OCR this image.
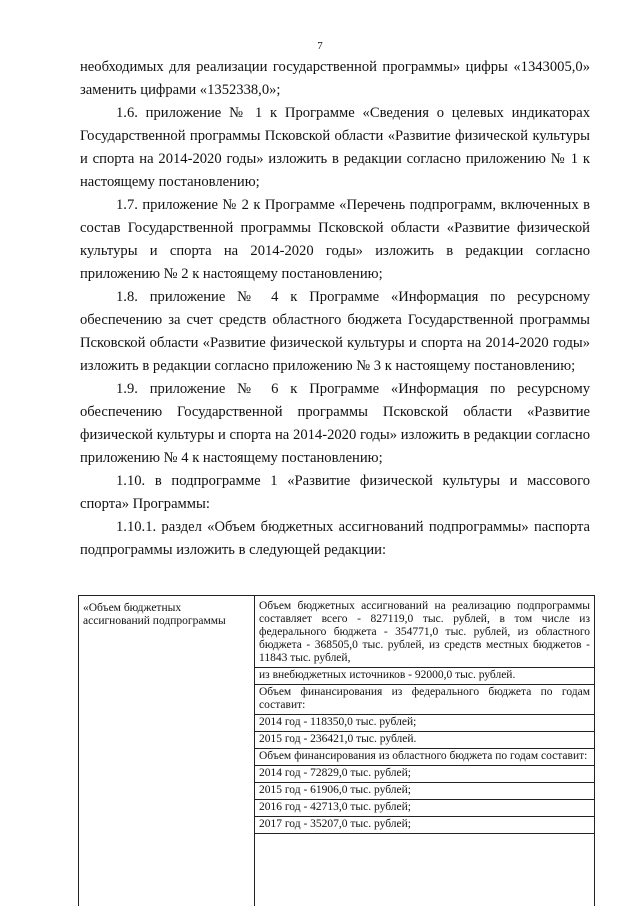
7

необходимых для реализации государственной программы» цифры «1343005,0» заменить цифрами «1352338,0»;

1.6. приложение № 1 к Программе «Сведения о целевых индикаторах Государственной программы Псковской области «Развитие физической культуры и спорта на 2014-2020 годы» изложить в редакции согласно приложению № 1 к настоящему постановлению;

1.7. приложение № 2 к Программе «Перечень подпрограмм, включенных в состав Государственной программы Псковской области «Развитие физической культуры и спорта на 2014-2020 годы» изложить в редакции согласно приложению № 2 к настоящему постановлению;

1.8. приложение № 4 к Программе «Информация по ресурсному обеспечению за счет средств областного бюджета Государственной программы Псковской области «Развитие физической культуры и спорта на 2014-2020 годы» изложить в редакции согласно приложению № 3 к настоящему постановлению;

1.9. приложение № 6 к Программе «Информация по ресурсному обеспечению Государственной программы Псковской области «Развитие физической культуры и спорта на 2014-2020 годы» изложить в редакции согласно приложению № 4 к настоящему постановлению;

1.10. в подпрограмме 1 «Развитие физической культуры и массового спорта» Программы:

1.10.1. раздел «Объем бюджетных ассигнований подпрограммы» паспорта подпрограммы изложить в следующей редакции:

«Объем бюджетных ассигнований подпрограммы
Объем бюджетных ассигнований на реализацию подпрограммы составляет всего - 827119,0 тыс. рублей, в том числе из федерального бюджета - 354771,0 тыс. рублей, из областного бюджета - 368505,0 тыс. рублей, из средств местных бюджетов - 11843 тыс. рублей,
из внебюджетных источников - 92000,0 тыс. рублей.
Объем финансирования из федерального бюджета по годам составит:
2014 год - 118350,0 тыс. рублей;
2015 год - 236421,0 тыс. рублей.
Объем финансирования из областного бюджета по годам составит:
2014 год - 72829,0 тыс. рублей;
2015 год - 61906,0 тыс. рублей;
2016 год - 42713,0 тыс. рублей;
2017 год - 35207,0 тыс. рублей;
